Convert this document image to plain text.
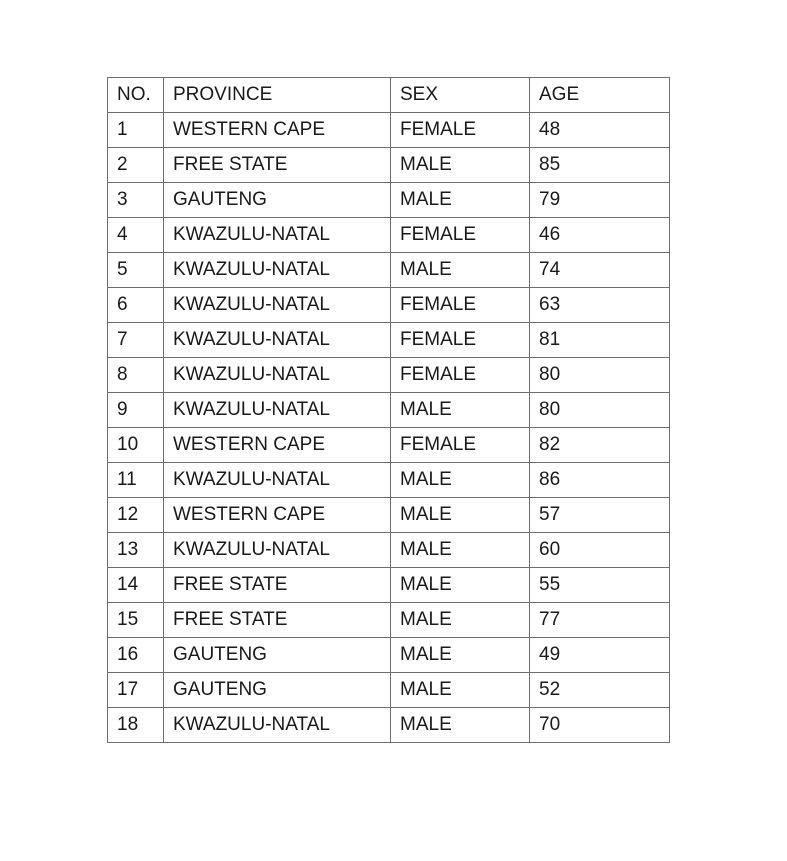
NO.	PROVINCE	SEX	AGE
1	WESTERN CAPE	FEMALE	48
2	FREE STATE	MALE	85
3	GAUTENG	MALE	79
4	KWAZULU-NATAL	FEMALE	46
5	KWAZULU-NATAL	MALE	74
6	KWAZULU-NATAL	FEMALE	63
7	KWAZULU-NATAL	FEMALE	81
8	KWAZULU-NATAL	FEMALE	80
9	KWAZULU-NATAL	MALE	80
10	WESTERN CAPE	FEMALE	82
11	KWAZULU-NATAL	MALE	86
12	WESTERN CAPE	MALE	57
13	KWAZULU-NATAL	MALE	60
14	FREE STATE	MALE	55
15	FREE STATE	MALE	77
16	GAUTENG	MALE	49
17	GAUTENG	MALE	52
18	KWAZULU-NATAL	MALE	70
